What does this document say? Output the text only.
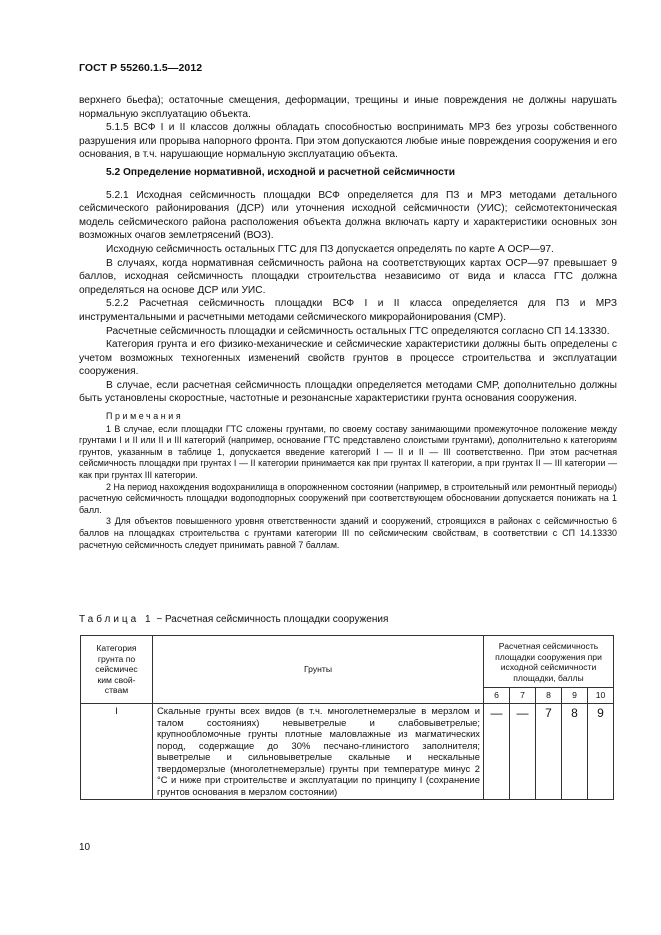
ГОСТ Р 55260.1.5—2012

верхнего бьефа); остаточные смещения, деформации, трещины и иные повреждения не должны нарушать нормальную эксплуатацию объекта.

5.1.5 ВСФ I и II классов должны обладать способностью воспринимать МРЗ без угрозы собственного разрушения или прорыва напорного фронта. При этом допускаются любые иные повреждения сооружения и его основания, в т.ч. нарушающие нормальную эксплуатацию объекта.

5.2 Определение нормативной, исходной и расчетной сейсмичности

5.2.1 Исходная сейсмичность площадки ВСФ определяется для ПЗ и МРЗ методами детального сейсмического районирования (ДСР) или уточнения исходной сейсмичности (УИС); сейсмотектоническая модель сейсмического района расположения объекта должна включать карту и характеристики основных зон возможных очагов землетрясений (ВОЗ).

Исходную сейсмичность остальных ГТС для ПЗ допускается определять по карте А ОСР—97.

В случаях, когда нормативная сейсмичность района на соответствующих картах ОСР—97 превышает 9 баллов, исходная сейсмичность площадки строительства независимо от вида и класса ГТС должна определяться на основе ДСР или УИС.

5.2.2 Расчетная сейсмичность площадки ВСФ I и II класса определяется для ПЗ и МРЗ инструментальными и расчетными методами сейсмического микрорайонирования (СМР).

Расчетные сейсмичность площадки и сейсмичность остальных ГТС определяются согласно СП 14.13330.

Категория грунта и его физико-механические и сейсмические характеристики должны быть определены с учетом возможных техногенных изменений свойств грунтов в процессе строительства и эксплуатации сооружения.

В случае, если расчетная сейсмичность площадки определяется методами СМР, дополнительно должны быть установлены скоростные, частотные и резонансные характеристики грунта основания сооружения.

Примечания

1 В случае, если площадки ГТС сложены грунтами, по своему составу занимающими промежуточное положение между грунтами I и II или II и III категорий (например, основание ГТС представлено слоистыми грунтами), дополнительно к категориям грунтов, указанным в таблице 1, допускается введение категорий I — II и II — III соответственно. При этом расчетная сейсмичность площадки при грунтах I — II категории принимается как при грунтах II категории, а при грунтах II — III категории — как при грунтах III категории.

2 На период нахождения водохранилища в опорожненном состоянии (например, в строительный или ремонтный периоды) расчетную сейсмичность площадки водоподпорных сооружений при соответствующем обосновании допускается понижать на 1 балл.

3 Для объектов повышенного уровня ответственности зданий и сооружений, строящихся в районах с сейсмичностью 6 баллов на площадках строительства с грунтами категории III по сейсмическим свойствам, в соответствии с СП 14.13330 расчетную сейсмичность следует принимать равной 7 баллам.

Таблица 1 − Расчетная сейсмичность площадки сооружения
Категория грунта по сейсмичес ким свой-ствам	Грунты	Расчетная сейсмичность площадки сооружения при исходной сейсмичности площадки, баллы				
		6	7	8	9	10
I	Скальные грунты всех видов (в т.ч. многолетнемерзлые в мерзлом и талом состояниях) невыветрелые и слабовыветрелые; крупнообломочные грунты плотные маловлажные из магматических пород, содержащие до 30% песчано-глинистого заполнителя; выветрелые и сильновыветрелые скальные и нескальные твердомерзлые (многолетнемерзлые) грунты при температуре минус 2 °С и ниже при строительстве и эксплуатации по принципу I (сохранение грунтов основания в мерзлом состоянии)	—	—	7	8	9
10
